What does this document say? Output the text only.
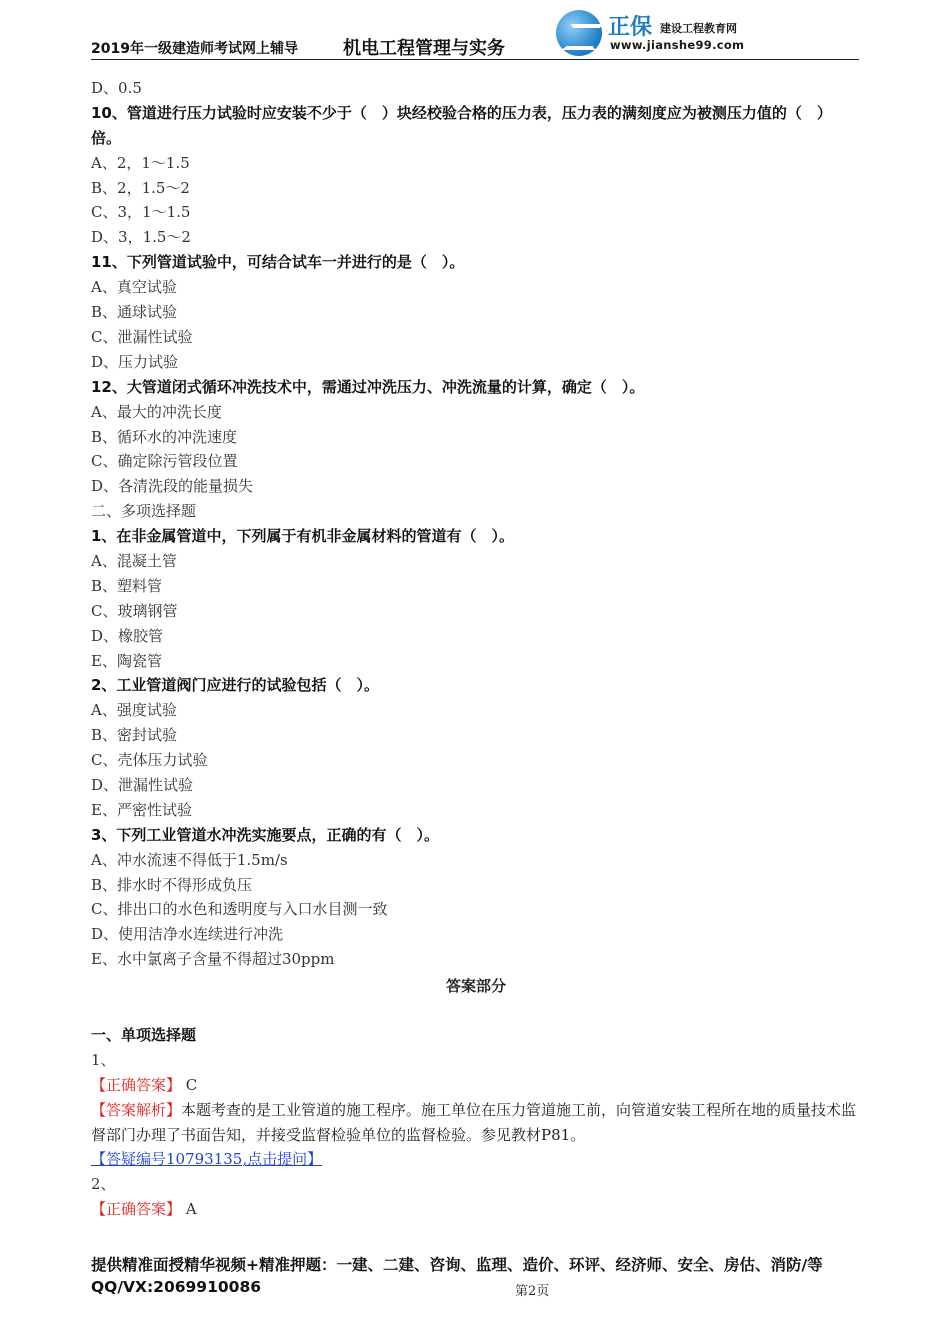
2019年一级建造师考试网上辅导	机电工程管理与实务
正保 建设工程教育网
www.jianshe99.com
D、0.5
10、管道进行压力试验时应安装不少于（　）块经校验合格的压力表，压力表的满刻度应为被测压力值的（　）倍。
A、2，1～1.5
B、2，1.5～2
C、3，1～1.5
D、3，1.5～2
11、下列管道试验中，可结合试车一并进行的是（　）。
A、真空试验
B、通球试验
C、泄漏性试验
D、压力试验
12、大管道闭式循环冲洗技术中，需通过冲洗压力、冲洗流量的计算，确定（　）。
A、最大的冲洗长度
B、循环水的冲洗速度
C、确定除污管段位置
D、各清洗段的能量损失
二、多项选择题
1、在非金属管道中，下列属于有机非金属材料的管道有（　）。
A、混凝土管
B、塑料管
C、玻璃钢管
D、橡胶管
E、陶瓷管
2、工业管道阀门应进行的试验包括（　）。
A、强度试验
B、密封试验
C、壳体压力试验
D、泄漏性试验
E、严密性试验
3、下列工业管道水冲洗实施要点，正确的有（　）。
A、冲水流速不得低于1.5m/s
B、排水时不得形成负压
C、排出口的水色和透明度与入口水目测一致
D、使用洁净水连续进行冲洗
E、水中氯离子含量不得超过30ppm
答案部分
一、单项选择题
1、
【正确答案】 C
【答案解析】本题考查的是工业管道的施工程序。施工单位在压力管道施工前，向管道安装工程所在地的质量技术监督部门办理了书面告知，并接受监督检验单位的监督检验。参见教材P81。
【答疑编号10793135,点击提问】
2、
【正确答案】 A
提供精准面授精华视频+精准押题：一建、二建、咨询、监理、造价、环评、经济师、安全、房估、消防/等
QQ/VX:2069910086	第2页
